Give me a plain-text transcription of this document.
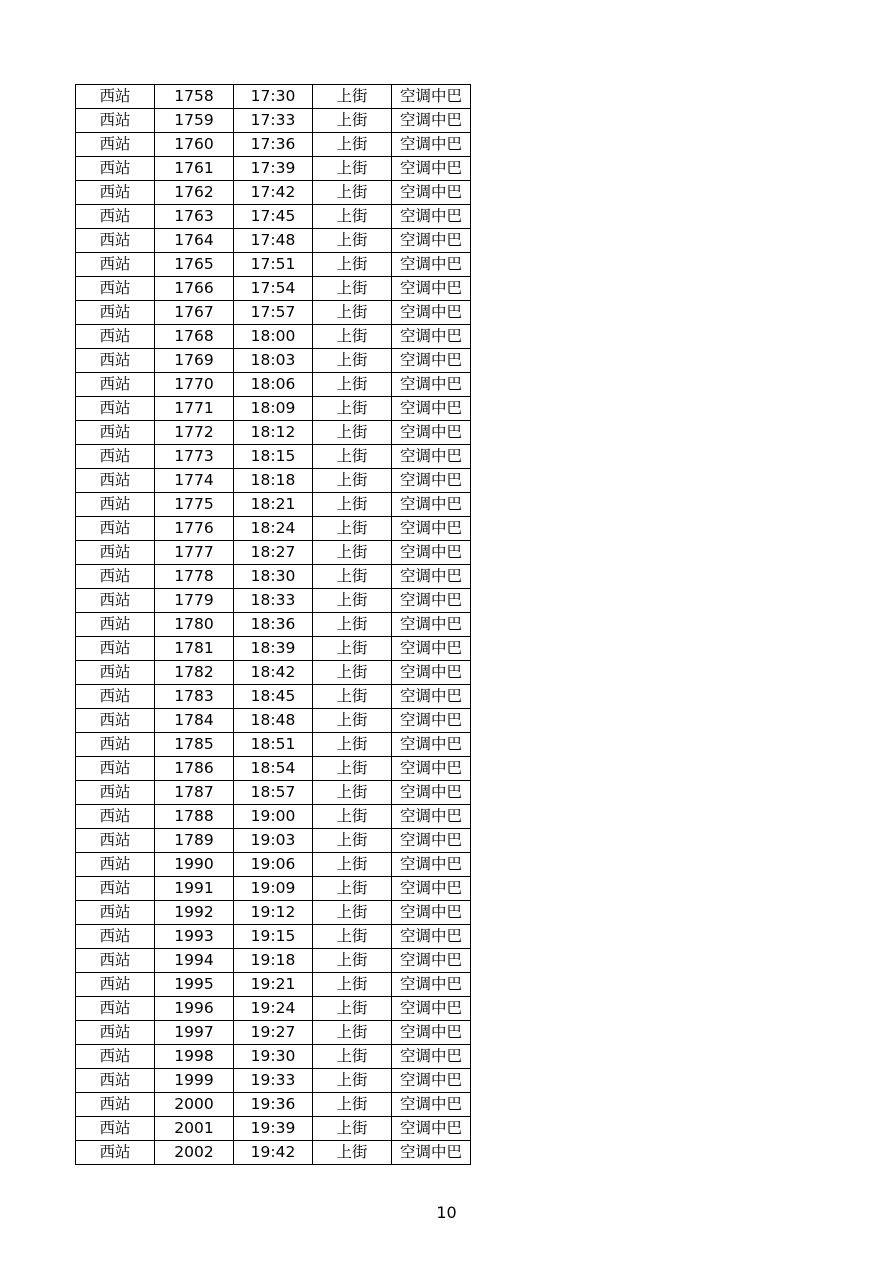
西站	1758	17:30	上街	空调中巴
西站	1759	17:33	上街	空调中巴
西站	1760	17:36	上街	空调中巴
西站	1761	17:39	上街	空调中巴
西站	1762	17:42	上街	空调中巴
西站	1763	17:45	上街	空调中巴
西站	1764	17:48	上街	空调中巴
西站	1765	17:51	上街	空调中巴
西站	1766	17:54	上街	空调中巴
西站	1767	17:57	上街	空调中巴
西站	1768	18:00	上街	空调中巴
西站	1769	18:03	上街	空调中巴
西站	1770	18:06	上街	空调中巴
西站	1771	18:09	上街	空调中巴
西站	1772	18:12	上街	空调中巴
西站	1773	18:15	上街	空调中巴
西站	1774	18:18	上街	空调中巴
西站	1775	18:21	上街	空调中巴
西站	1776	18:24	上街	空调中巴
西站	1777	18:27	上街	空调中巴
西站	1778	18:30	上街	空调中巴
西站	1779	18:33	上街	空调中巴
西站	1780	18:36	上街	空调中巴
西站	1781	18:39	上街	空调中巴
西站	1782	18:42	上街	空调中巴
西站	1783	18:45	上街	空调中巴
西站	1784	18:48	上街	空调中巴
西站	1785	18:51	上街	空调中巴
西站	1786	18:54	上街	空调中巴
西站	1787	18:57	上街	空调中巴
西站	1788	19:00	上街	空调中巴
西站	1789	19:03	上街	空调中巴
西站	1990	19:06	上街	空调中巴
西站	1991	19:09	上街	空调中巴
西站	1992	19:12	上街	空调中巴
西站	1993	19:15	上街	空调中巴
西站	1994	19:18	上街	空调中巴
西站	1995	19:21	上街	空调中巴
西站	1996	19:24	上街	空调中巴
西站	1997	19:27	上街	空调中巴
西站	1998	19:30	上街	空调中巴
西站	1999	19:33	上街	空调中巴
西站	2000	19:36	上街	空调中巴
西站	2001	19:39	上街	空调中巴
西站	2002	19:42	上街	空调中巴
10
